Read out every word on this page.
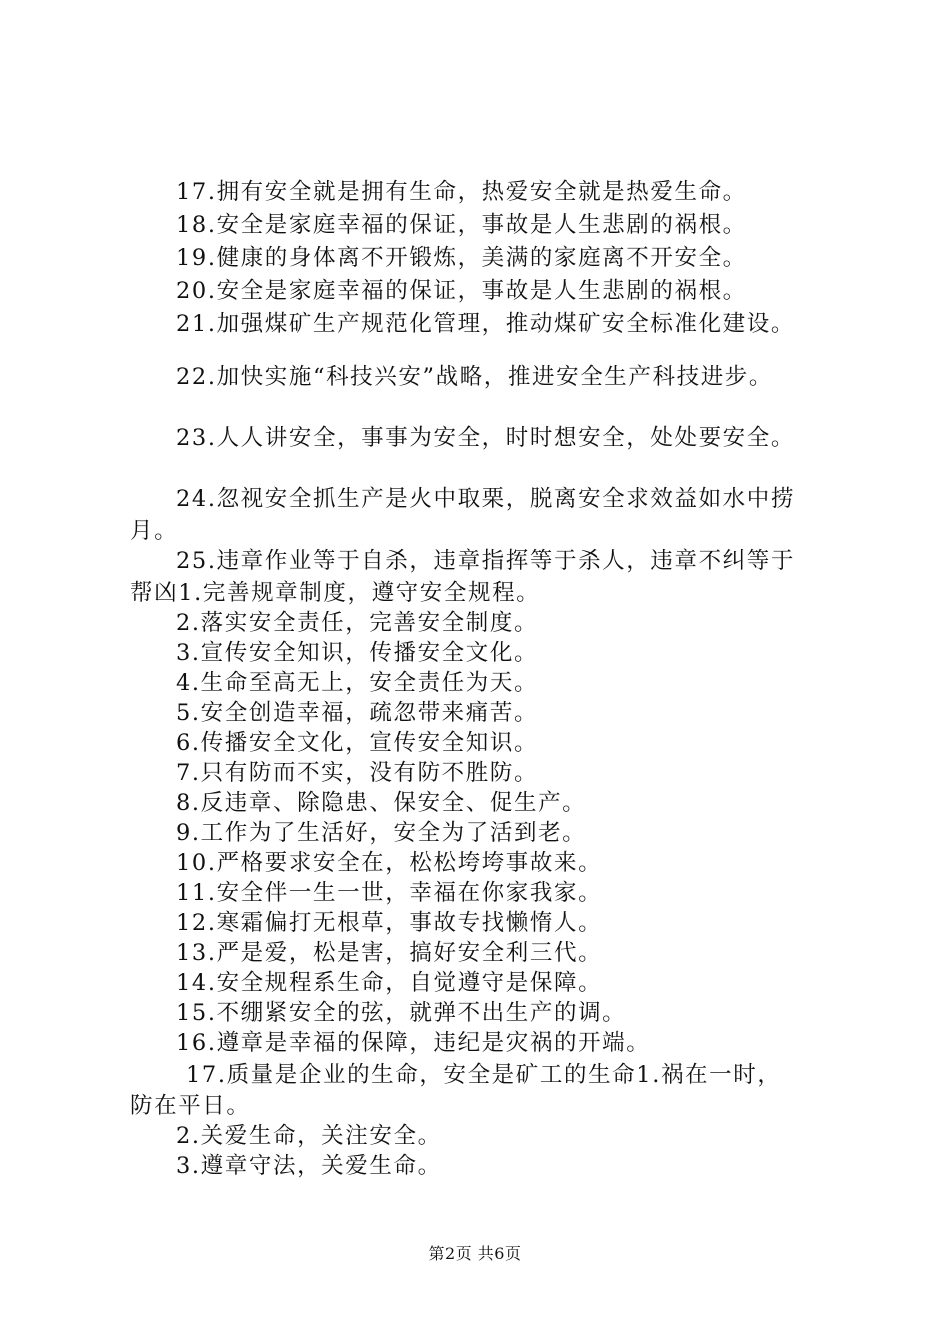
17.拥有安全就是拥有生命，热爱安全就是热爱生命。
18.安全是家庭幸福的保证，事故是人生悲剧的祸根。
19.健康的身体离不开锻炼，美满的家庭离不开安全。
20.安全是家庭幸福的保证，事故是人生悲剧的祸根。
21.加强煤矿生产规范化管理，推动煤矿安全标准化建设。
22.加快实施“科技兴安”战略，推进安全生产科技进步。
23.人人讲安全，事事为安全，时时想安全，处处要安全。
24.忽视安全抓生产是火中取栗，脱离安全求效益如水中捞
月。
25.违章作业等于自杀，违章指挥等于杀人，违章不纠等于
帮凶1.完善规章制度，遵守安全规程。
2.落实安全责任，完善安全制度。
3.宣传安全知识，传播安全文化。
4.生命至高无上，安全责任为天。
5.安全创造幸福，疏忽带来痛苦。
6.传播安全文化，宣传安全知识。
7.只有防而不实，没有防不胜防。
8.反违章、除隐患、保安全、促生产。
9.工作为了生活好，安全为了活到老。
10.严格要求安全在，松松垮垮事故来。
11.安全伴一生一世，幸福在你家我家。
12.寒霜偏打无根草，事故专找懒惰人。
13.严是爱，松是害，搞好安全利三代。
14.安全规程系生命，自觉遵守是保障。
15.不绷紧安全的弦，就弹不出生产的调。
16.遵章是幸福的保障，违纪是灾祸的开端。
17.质量是企业的生命，安全是矿工的生命1.祸在一时，
防在平日。
2.关爱生命，关注安全。
3.遵章守法，关爱生命。
第2页 共6页
